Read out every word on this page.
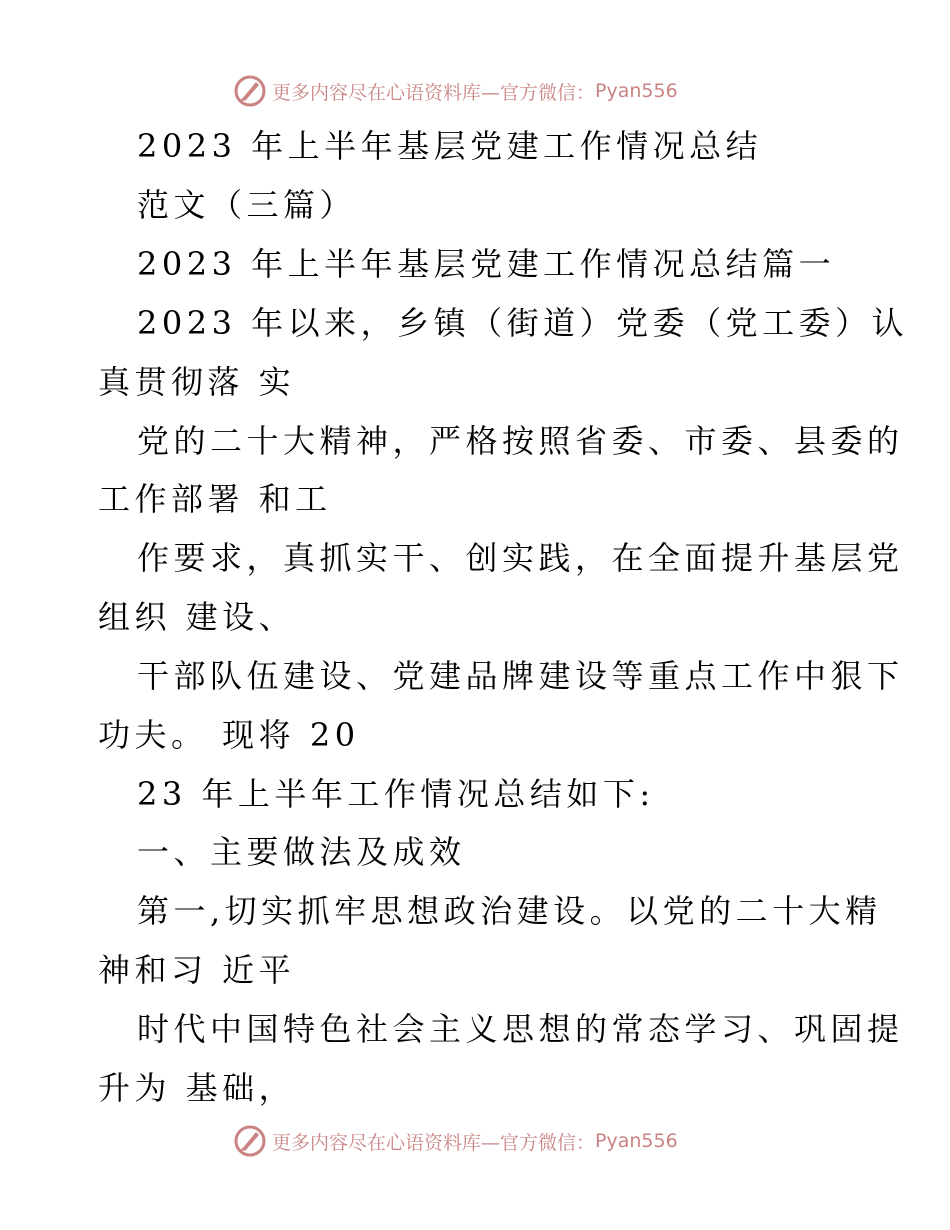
更多内容尽在心语资料库—官方微信： Pyan556
2023 年上半年基层党建工作情况总结
范文（三篇）
2023 年上半年基层党建工作情况总结篇一
2023 年以来，乡镇（街道）党委（党工委）认
真贯彻落 实
党的二十大精神，严格按照省委、市委、县委的
工作部署 和工
作要求，真抓实干、创实践，在全面提升基层党
组织 建设、
干部队伍建设、党建品牌建设等重点工作中狠下
功夫。 现将 20
23 年上半年工作情况总结如下:
一、主要做法及成效
第一,切实抓牢思想政治建设。以党的二十大精
神和习 近平
时代中国特色社会主义思想的常态学习、巩固提
升为 基础，
更多内容尽在心语资料库—官方微信： Pyan556
